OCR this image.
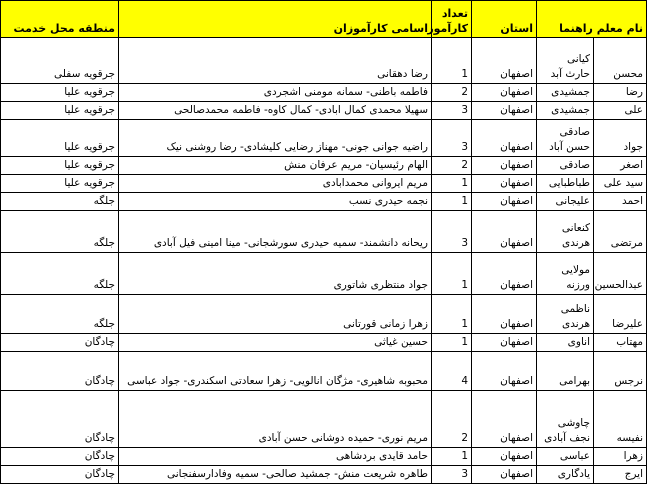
نام معلم راهنما		استان	تعداد کارآموز	اسامی کارآموزان	منطقه محل خدمت
محسن	کیانی حارث آبد	اصفهان	1	رضا دهقانی	جرقویه سفلی
رضا	جمشیدی	اصفهان	2	فاطمه باطنی- سمانه مومنی اشجردی	جرقویه علیا
علی	جمشیدی	اصفهان	3	سهیلا محمدی کمال ابادی- کمال کاوه- فاطمه محمدصالحی	جرقویه علیا
جواد	صادقی حسن آباد	اصفهان	3	راضیه جوانی جونی- مهناز رضایی کلیشادی- رضا روشنی نیک	جرقویه علیا
اصغر	صادقی	اصفهان	2	الهام رئیسیان- مریم عرفان منش	جرقویه علیا
سید علی	طباطبایی	اصفهان	1	مریم ایروانی محمدابادی	جرقویه علیا
احمد	علیجانی	اصفهان	1	نجمه حیدری نسب	جلگه
مرتضی	کنعانی هرندی	اصفهان	3	ریحانه دانشمند- سمیه حیدری سورشجانی- مینا امینی فیل آبادی	جلگه
عبدالحسین	مولایی ورزنه	اصفهان	1	جواد منتظری شاتوری	جلگه
علیرضا	ناظمی هرندی	اصفهان	1	زهرا زمانی قورتانی	جلگه
مهتاب	اناوی	اصفهان	1	حسین غیاثی	چادگان
نرجس	بهرامی	اصفهان	4	محبوبه شاهیری- مژگان انالویی- زهرا سعادتی اسکندری- جواد عباسی	چادگان
نفیسه	چاوشی نجف آبادی	اصفهان	2	مریم نوری- حمیده دوشانی حسن آبادی	چادگان
زهرا	عباسی	اصفهان	1	حامد قایدی بردشاهی	چادگان
ایرج	یادگاری	اصفهان	3	طاهره شریعت منش- جمشید صالحی- سمیه وفادارسفنجانی	چادگان
